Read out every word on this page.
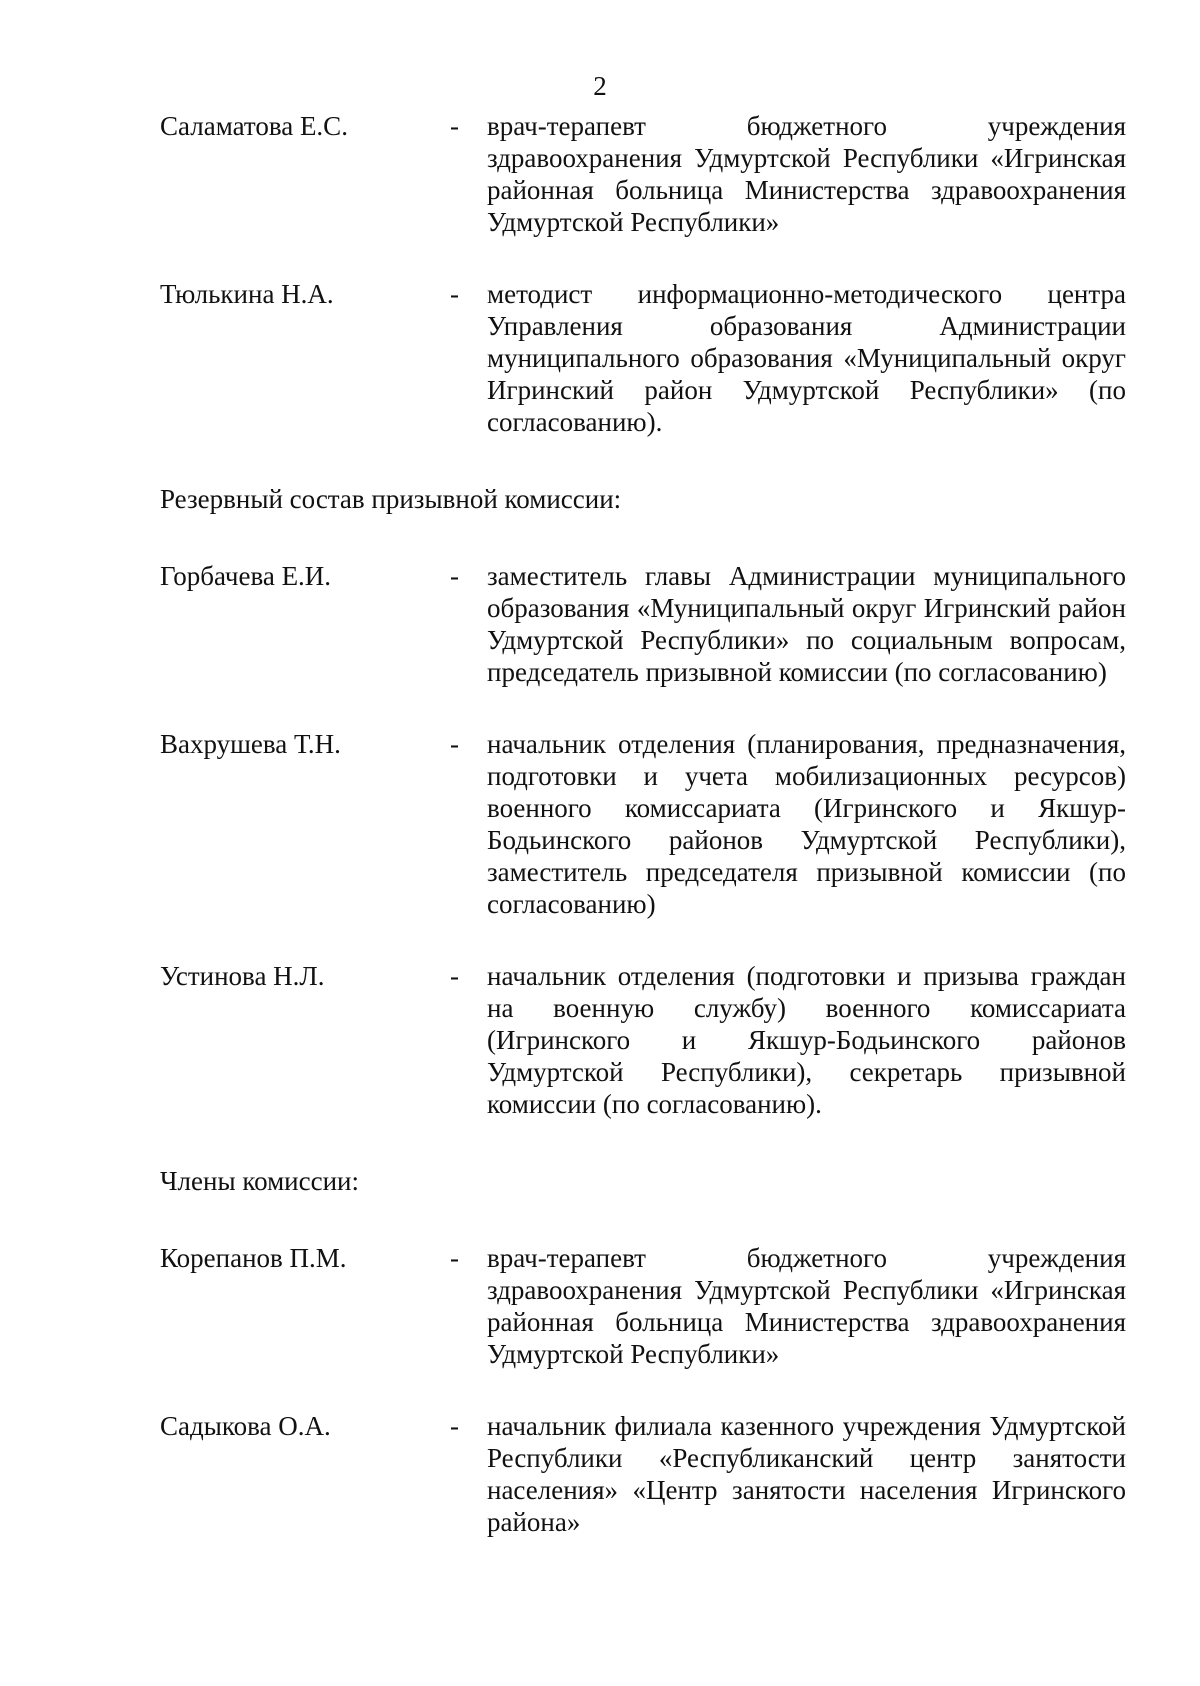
2
Саламатова Е.С.	- врач-терапевт бюджетного учреждения здравоохранения Удмуртской Республики «Игринская районная больница Министерства здравоохранения Удмуртской Республики»
Тюлькина Н.А.	- методист информационно-методического центра Управления образования Администрации муниципального образования «Муниципальный округ Игринский район Удмуртской Республики» (по согласованию).

Резервный состав призывной комиссии:

Горбачева Е.И.	- заместитель главы Администрации муниципального образования «Муниципальный округ Игринский район Удмуртской Республики» по социальным вопросам, председатель призывной комиссии (по согласованию)
Вахрушева Т.Н.	- начальник отделения (планирования, предназначения, подготовки и учета мобилизационных ресурсов) военного комиссариата (Игринского и Якшур-Бодьинского районов Удмуртской Республики), заместитель председателя призывной комиссии (по согласованию)
Устинова Н.Л.	- начальник отделения (подготовки и призыва граждан на военную службу) военного комиссариата (Игринского и Якшур-Бодьинского районов Удмуртской Республики), секретарь призывной комиссии (по согласованию).

Члены комиссии:

Корепанов П.М.	- врач-терапевт бюджетного учреждения здравоохранения Удмуртской Республики «Игринская районная больница Министерства здравоохранения Удмуртской Республики»
Садыкова О.А.	- начальник филиала казенного учреждения Удмуртской Республики «Республиканский центр занятости населения» «Центр занятости населения Игринского района»
